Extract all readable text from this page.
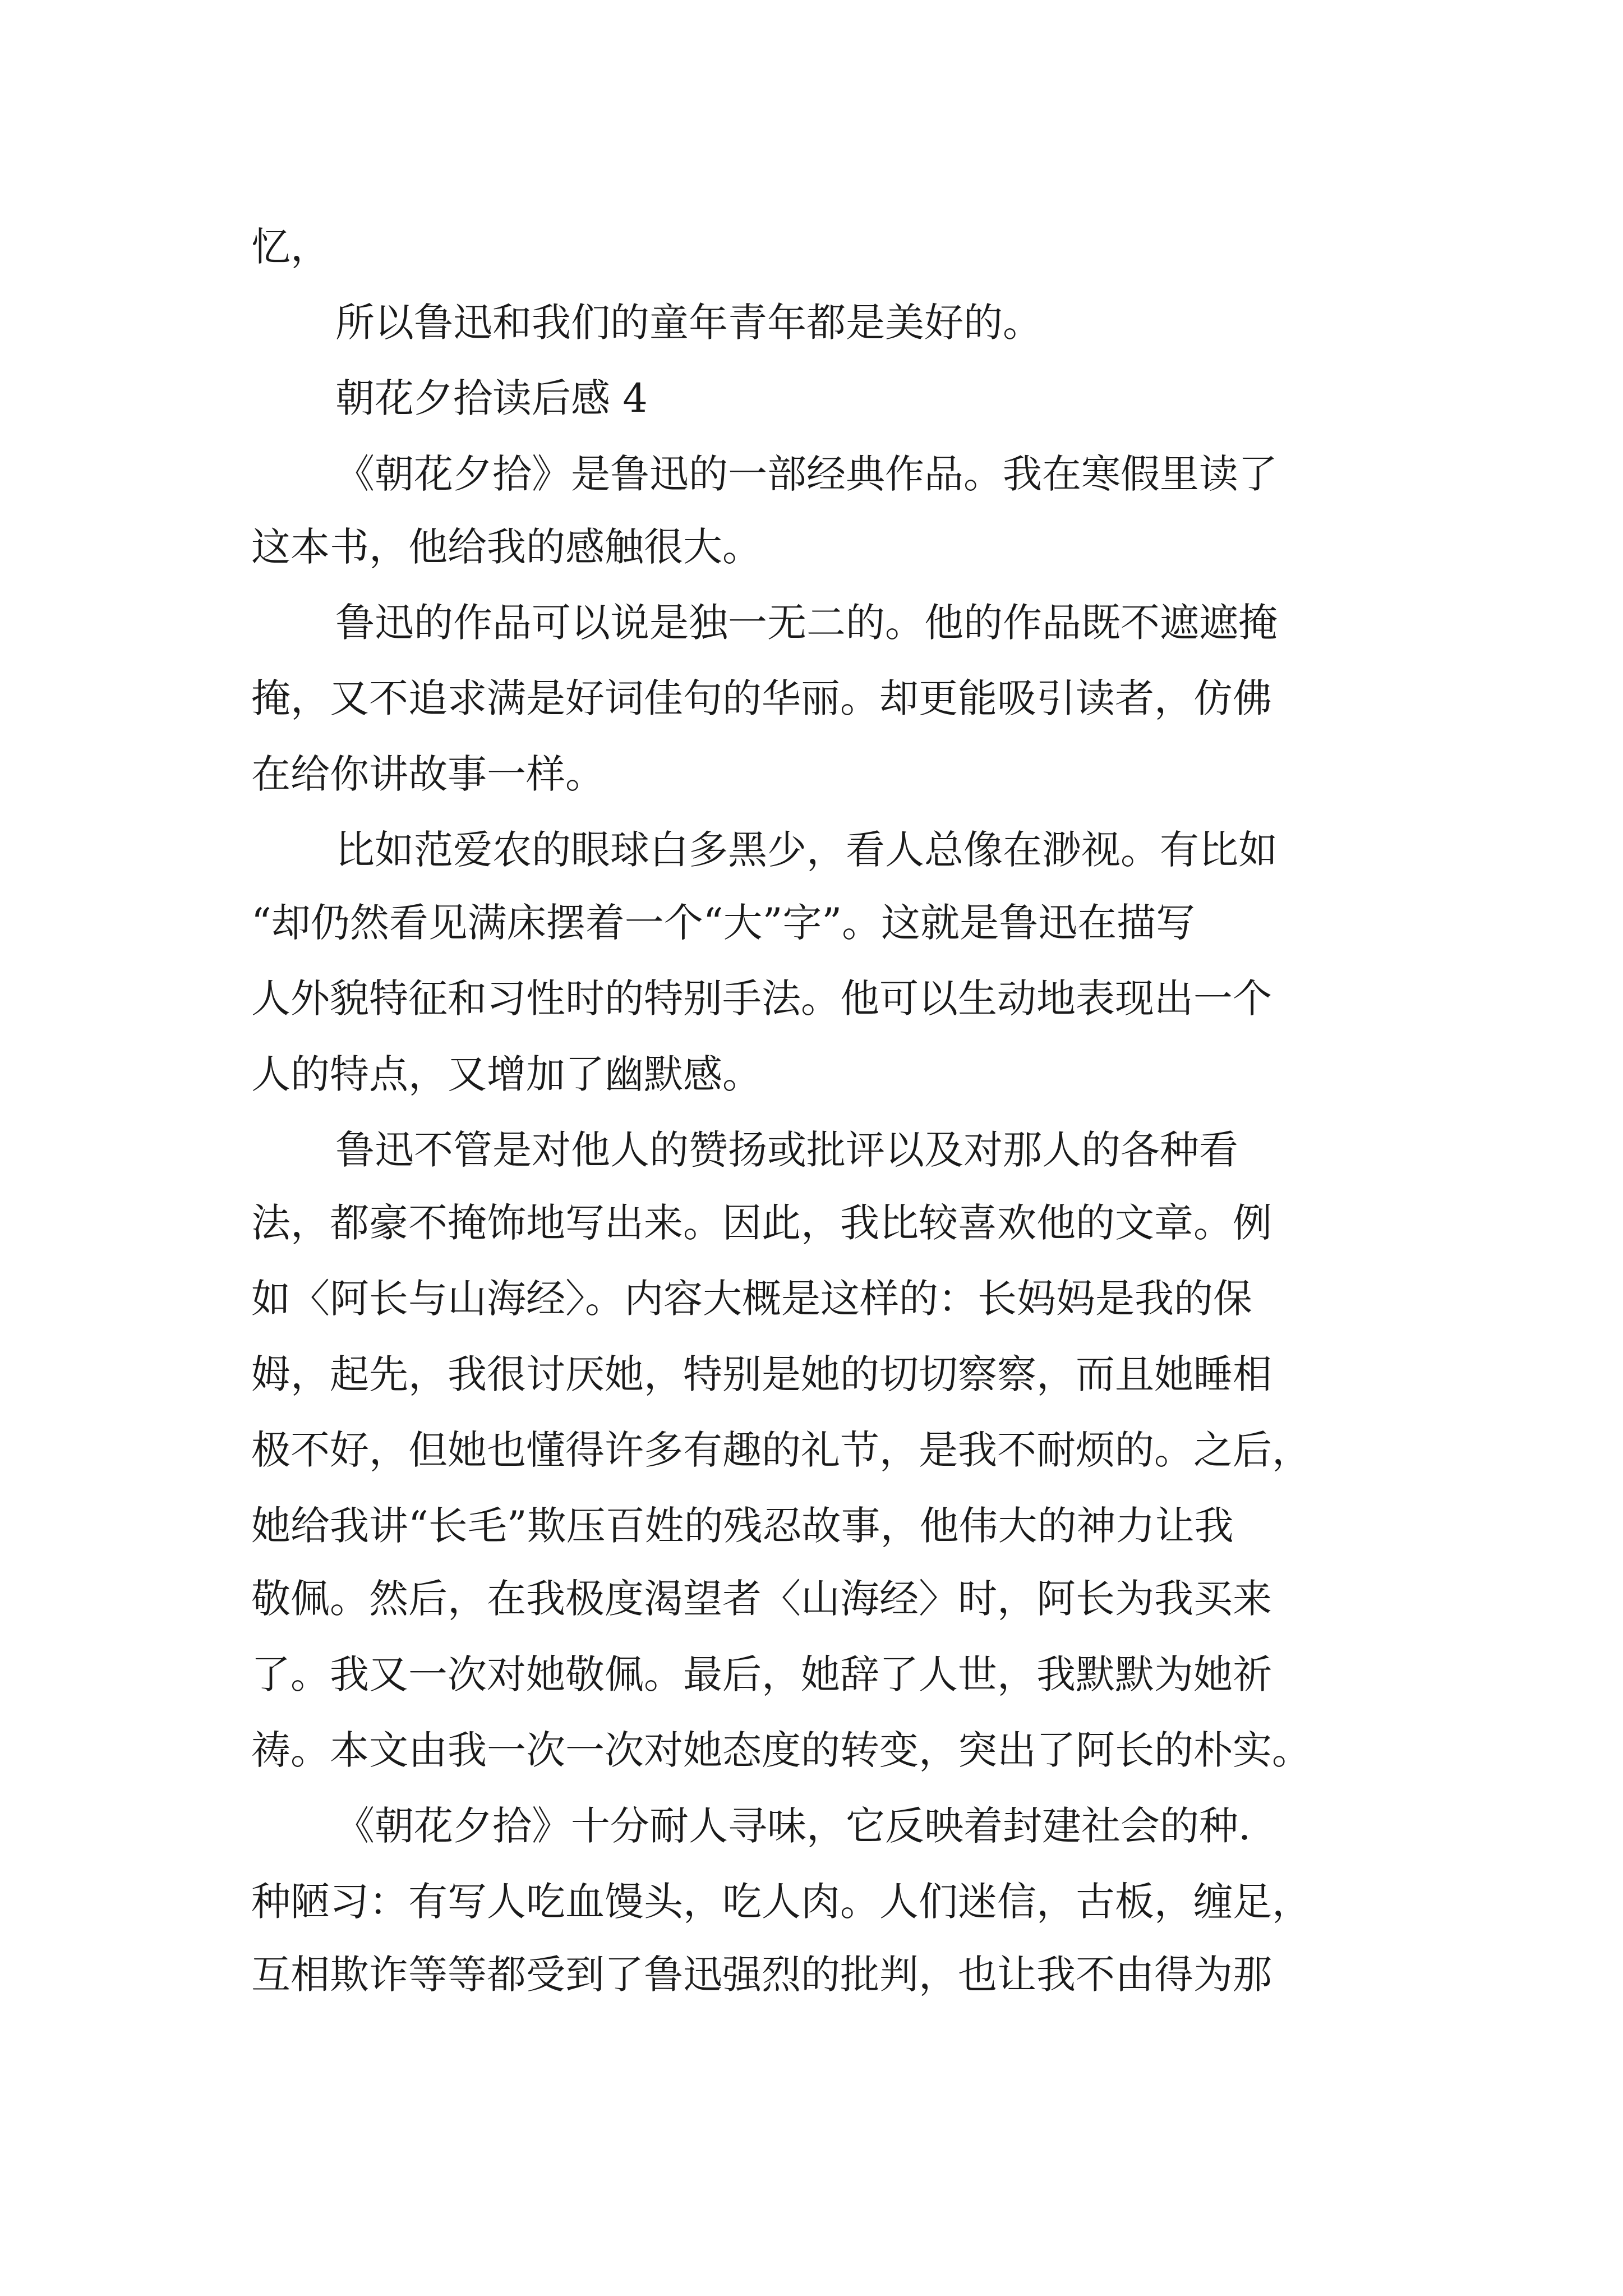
忆，
所以鲁迅和我们的童年青年都是美好的。
朝花夕拾读后感 4
《朝花夕拾》是鲁迅的一部经典作品。我在寒假里读了
这本书，他给我的感触很大。
鲁迅的作品可以说是独一无二的。他的作品既不遮遮掩
掩，又不追求满是好词佳句的华丽。却更能吸引读者，仿佛
在给你讲故事一样。
比如范爱农的眼球白多黑少，看人总像在渺视。有比如
“却仍然看见满床摆着一个“大”字”。这就是鲁迅在描写
人外貌特征和习性时的特别手法。他可以生动地表现出一个
人的特点，又增加了幽默感。
鲁迅不管是对他人的赞扬或批评以及对那人的各种看
法，都豪不掩饰地写出来。因此，我比较喜欢他的文章。例
如〈阿长与山海经〉。内容大概是这样的：长妈妈是我的保
姆，起先，我很讨厌她，特别是她的切切察察，而且她睡相
极不好，但她也懂得许多有趣的礼节，是我不耐烦的。之后，
她给我讲“长毛”欺压百姓的残忍故事，他伟大的神力让我
敬佩。然后，在我极度渴望者〈山海经〉时，阿长为我买来
了。我又一次对她敬佩。最后，她辞了人世，我默默为她祈
祷。本文由我一次一次对她态度的转变，突出了阿长的朴实。
《朝花夕拾》十分耐人寻味，它反映着封建社会的种.
种陋习：有写人吃血馒头，吃人肉。人们迷信，古板，缠足，
互相欺诈等等都受到了鲁迅强烈的批判，也让我不由得为那
